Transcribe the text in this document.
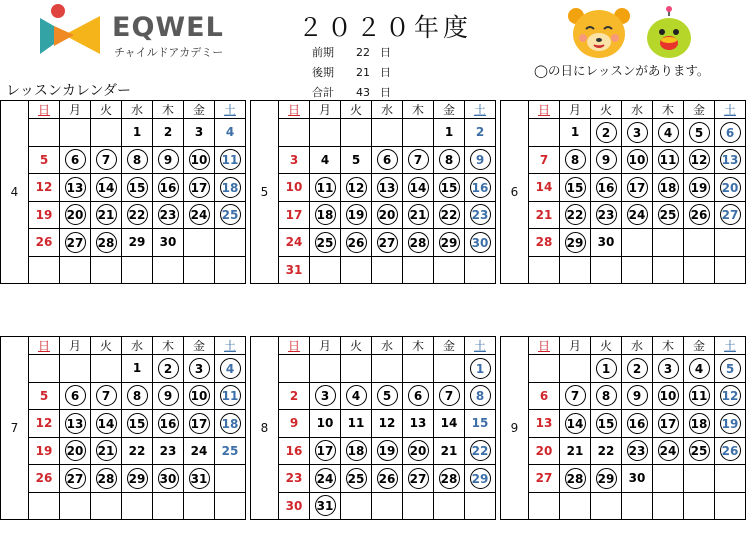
EQWEL
チャイルドアカデミー
２０２０年度
前期 22 日
後期 21 日
合計 43 日
◯の日にレッスンがあります。
レッスンカレンダー
4	日	月	火	水	木	金	土
				1	2	3	4
	5	6	7	8	9	10	11
	12	13	14	15	16	17	18
	19	20	21	22	23	24	25
	26	27	28	29	30		

5	日	月	火	水	木	金	土
						1	2
	3	4	5	6	7	8	9
	10	11	12	13	14	15	16
	17	18	19	20	21	22	23
	24	25	26	27	28	29	30
	31						
6	日	月	火	水	木	金	土
		1	2	3	4	5	6
	7	8	9	10	11	12	13
	14	15	16	17	18	19	20
	21	22	23	24	25	26	27
	28	29	30				

7	日	月	火	水	木	金	土
				1	2	3	4
	5	6	7	8	9	10	11
	12	13	14	15	16	17	18
	19	20	21	22	23	24	25
	26	27	28	29	30	31	

8	日	月	火	水	木	金	土
							1
	2	3	4	5	6	7	8
	9	10	11	12	13	14	15
	16	17	18	19	20	21	22
	23	24	25	26	27	28	29
	30	31					
9	日	月	火	水	木	金	土
			1	2	3	4	5
	6	7	8	9	10	11	12
	13	14	15	16	17	18	19
	20	21	22	23	24	25	26
	27	28	29	30			
